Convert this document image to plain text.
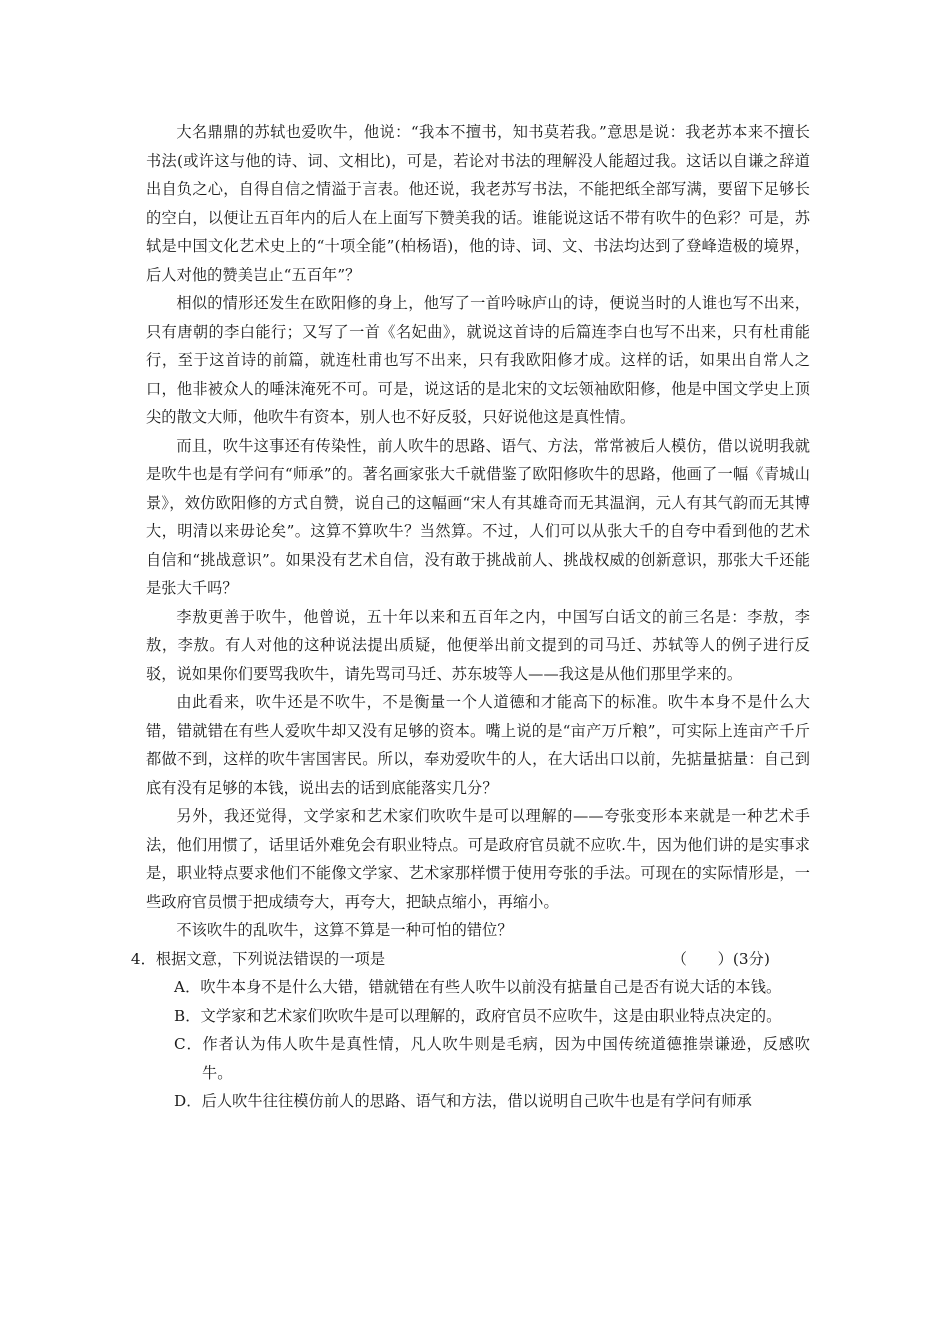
大名鼎鼎的苏轼也爱吹牛，他说：“我本不擅书，知书莫若我。”意思是说：我老苏本来不擅长书法(或许这与他的诗、词、文相比)，可是，若论对书法的理解没人能超过我。这话以自谦之辞道出自负之心，自得自信之情溢于言表。他还说，我老苏写书法，不能把纸全部写满，要留下足够长的空白，以便让五百年内的后人在上面写下赞美我的话。谁能说这话不带有吹牛的色彩？可是，苏轼是中国文化艺术史上的“十项全能”(柏杨语)，他的诗、词、文、书法均达到了登峰造极的境界，后人对他的赞美岂止“五百年”？

相似的情形还发生在欧阳修的身上，他写了一首吟咏庐山的诗，便说当时的人谁也写不出来，只有唐朝的李白能行；又写了一首《名妃曲》，就说这首诗的后篇连李白也写不出来，只有杜甫能行，至于这首诗的前篇，就连杜甫也写不出来，只有我欧阳修才成。这样的话，如果出自常人之口，他非被众人的唾沫淹死不可。可是，说这话的是北宋的文坛领袖欧阳修，他是中国文学史上顶尖的散文大师，他吹牛有资本，别人也不好反驳，只好说他这是真性情。

而且，吹牛这事还有传染性，前人吹牛的思路、语气、方法，常常被后人模仿，借以说明我就是吹牛也是有学问有“师承”的。著名画家张大千就借鉴了欧阳修吹牛的思路，他画了一幅《青城山景》，效仿欧阳修的方式自赞，说自己的这幅画“宋人有其雄奇而无其温润，元人有其气韵而无其博大，明清以来毋论矣”。这算不算吹牛？当然算。不过，人们可以从张大千的自夸中看到他的艺术自信和“挑战意识”。如果没有艺术自信，没有敢于挑战前人、挑战权威的创新意识，那张大千还能是张大千吗？

李敖更善于吹牛，他曾说，五十年以来和五百年之内，中国写白话文的前三名是：李敖，李敖，李敖。有人对他的这种说法提出质疑，他便举出前文提到的司马迁、苏轼等人的例子进行反驳，说如果你们要骂我吹牛，请先骂司马迁、苏东坡等人——我这是从他们那里学来的。

由此看来，吹牛还是不吹牛，不是衡量一个人道德和才能高下的标准。吹牛本身不是什么大错，错就错在有些人爱吹牛却又没有足够的资本。嘴上说的是“亩产万斤粮”，可实际上连亩产千斤都做不到，这样的吹牛害国害民。所以，奉劝爱吹牛的人，在大话出口以前，先掂量掂量：自己到底有没有足够的本钱，说出去的话到底能落实几分？

另外，我还觉得，文学家和艺术家们吹吹牛是可以理解的——夸张变形本来就是一种艺术手法，他们用惯了，话里话外难免会有职业特点。可是政府官员就不应吹.牛，因为他们讲的是实事求是，职业特点要求他们不能像文学家、艺术家那样惯于使用夸张的手法。可现在的实际情形是，一些政府官员惯于把成绩夸大，再夸大，把缺点缩小，再缩小。

不该吹牛的乱吹牛，这算不算是一种可怕的错位？

4．根据文意，下列说法错误的一项是	（　　）(3分)

A．吹牛本身不是什么大错，错就错在有些人吹牛以前没有掂量自己是否有说大话的本钱。

B．文学家和艺术家们吹吹牛是可以理解的，政府官员不应吹牛，这是由职业特点决定的。

C．作者认为伟人吹牛是真性情，凡人吹牛则是毛病，因为中国传统道德推崇谦逊，反感吹牛。

D．后人吹牛往往模仿前人的思路、语气和方法，借以说明自己吹牛也是有学问有师承
